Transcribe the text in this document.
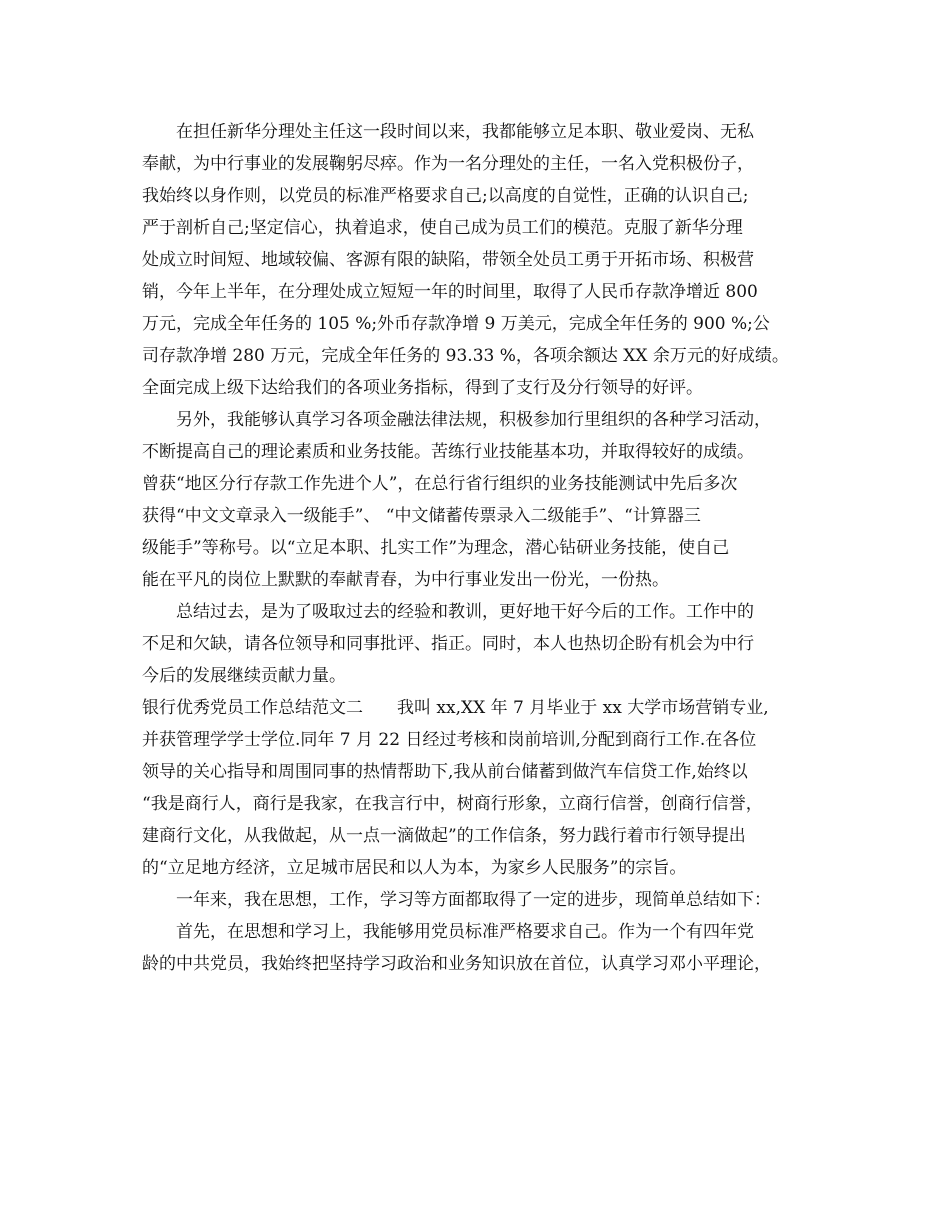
在担任新华分理处主任这一段时间以来，我都能够立足本职、敬业爱岗、无私
奉献，为中行事业的发展鞠躬尽瘁。作为一名分理处的主任，一名入党积极份子，
我始终以身作则，以党员的标准严格要求自己;以高度的自觉性，正确的认识自己;
严于剖析自己;坚定信心，执着追求，使自己成为员工们的模范。克服了新华分理
处成立时间短、地域较偏、客源有限的缺陷，带领全处员工勇于开拓市场、积极营
销，今年上半年，在分理处成立短短一年的时间里，取得了人民币存款净增近 800
万元，完成全年任务的 105 %;外币存款净增 9 万美元，完成全年任务的 900 %;公
司存款净增 280 万元，完成全年任务的 93.33 %，各项余额达 XX 余万元的好成绩。
全面完成上级下达给我们的各项业务指标，得到了支行及分行领导的好评。
另外，我能够认真学习各项金融法律法规，积极参加行里组织的各种学习活动，
不断提高自己的理论素质和业务技能。苦练行业技能基本功，并取得较好的成绩。
曾获“地区分行存款工作先进个人”，在总行省行组织的业务技能测试中先后多次
获得“中文文章录入一级能手”、 “中文储蓄传票录入二级能手”、“计算器三
级能手”等称号。以“立足本职、扎实工作”为理念，潜心钻研业务技能，使自己
能在平凡的岗位上默默的奉献青春，为中行事业发出一份光，一份热。
总结过去，是为了吸取过去的经验和教训，更好地干好今后的工作。工作中的
不足和欠缺，请各位领导和同事批评、指正。同时，本人也热切企盼有机会为中行
今后的发展继续贡献力量。
银行优秀党员工作总结范文二　　我叫 xx,XX 年 7 月毕业于 xx 大学市场营销专业,
并获管理学学士学位.同年 7 月 22 日经过考核和岗前培训,分配到商行工作.在各位
领导的关心指导和周围同事的热情帮助下,我从前台储蓄到做汽车信贷工作,始终以
“我是商行人，商行是我家，在我言行中，树商行形象，立商行信誉，创商行信誉，
建商行文化，从我做起，从一点一滴做起”的工作信条，努力践行着市行领导提出
的“立足地方经济，立足城市居民和以人为本，为家乡人民服务”的宗旨。
一年来，我在思想，工作，学习等方面都取得了一定的进步，现简单总结如下：
首先，在思想和学习上，我能够用党员标准严格要求自己。作为一个有四年党
龄的中共党员，我始终把坚持学习政治和业务知识放在首位，认真学习邓小平理论，
